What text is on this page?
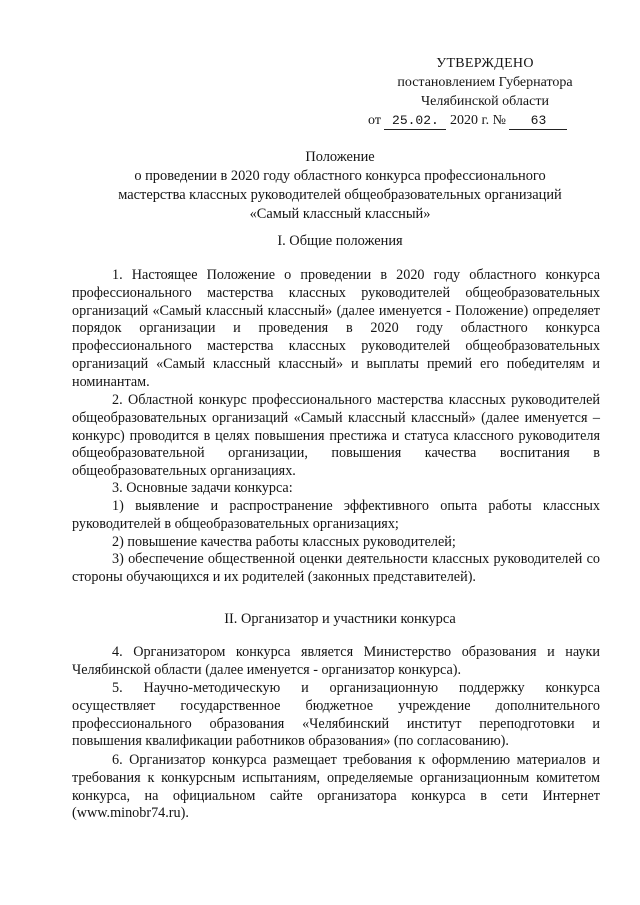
УТВЕРЖДЕНО
постановлением Губернатора
Челябинской области
от 25.02. 2020 г. № 63
Положение
о проведении в 2020 году областного конкурса профессионального
мастерства классных руководителей общеобразовательных организаций
«Самый классный классный»
I. Общие положения

1. Настоящее Положение о проведении в 2020 году областного конкурса профессионального мастерства классных руководителей общеобразовательных организаций «Самый классный классный» (далее именуется - Положение) определяет порядок организации и проведения в 2020 году областного конкурса профессионального мастерства классных руководителей общеобразовательных организаций «Самый классный классный» и выплаты премий его победителям и номинантам.

2. Областной конкурс профессионального мастерства классных руководителей общеобразовательных организаций «Самый классный классный» (далее именуется – конкурс) проводится в целях повышения престижа и статуса классного руководителя общеобразовательной организации, повышения качества воспитания в общеобразовательных организациях.

3. Основные задачи конкурса:

1) выявление и распространение эффективного опыта работы классных руководителей в общеобразовательных организациях;

2) повышение качества работы классных руководителей;

3) обеспечение общественной оценки деятельности классных руководителей со стороны обучающихся и их родителей (законных представителей).

II. Организатор и участники конкурса

4. Организатором конкурса является Министерство образования и науки Челябинской области (далее именуется - организатор конкурса).

5. Научно-методическую и организационную поддержку конкурса осуществляет государственное бюджетное учреждение дополнительного профессионального образования «Челябинский институт переподготовки и повышения квалификации работников образования» (по согласованию).

6. Организатор конкурса размещает требования к оформлению материалов и требования к конкурсным испытаниям, определяемые организационным комитетом конкурса, на официальном сайте организатора конкурса в сети Интернет (www.minobr74.ru).
